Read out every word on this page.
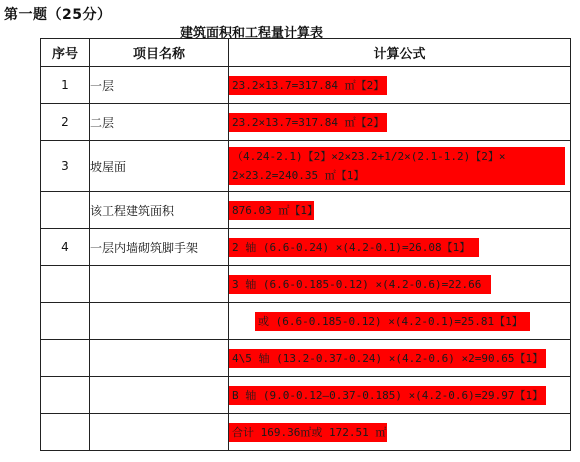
第一题（25分）
建筑面积和工程量计算表
序号	项目名称	计算公式
1	一层	23.2×13.7=317.84 ㎡【2】
2	二层	23.2×13.7=317.84 ㎡【2】
3	坡屋面	（4.24-2.1)【2】×2×23.2+1/2×(2.1-1.2)【2】×
2×23.2=240.35 ㎡【1】

	该工程建筑面积	876.03 ㎡【1】
4	一层内墙砌筑脚手架	2 轴 (6.6-0.24) ×(4.2-0.1)=26.08【1】
		3 轴 (6.6-0.185-0.12) ×(4.2-0.6)=22.66
		或 (6.6-0.185-0.12) ×(4.2-0.1)=25.81【1】
		4\5 轴 (13.2-0.37-0.24) ×(4.2-0.6) ×2=90.65【1】
		B 轴 (9.0-0.12—0.37-0.185) ×(4.2-0.6)=29.97【1】
		合计 169.36㎡或 172.51 ㎡
